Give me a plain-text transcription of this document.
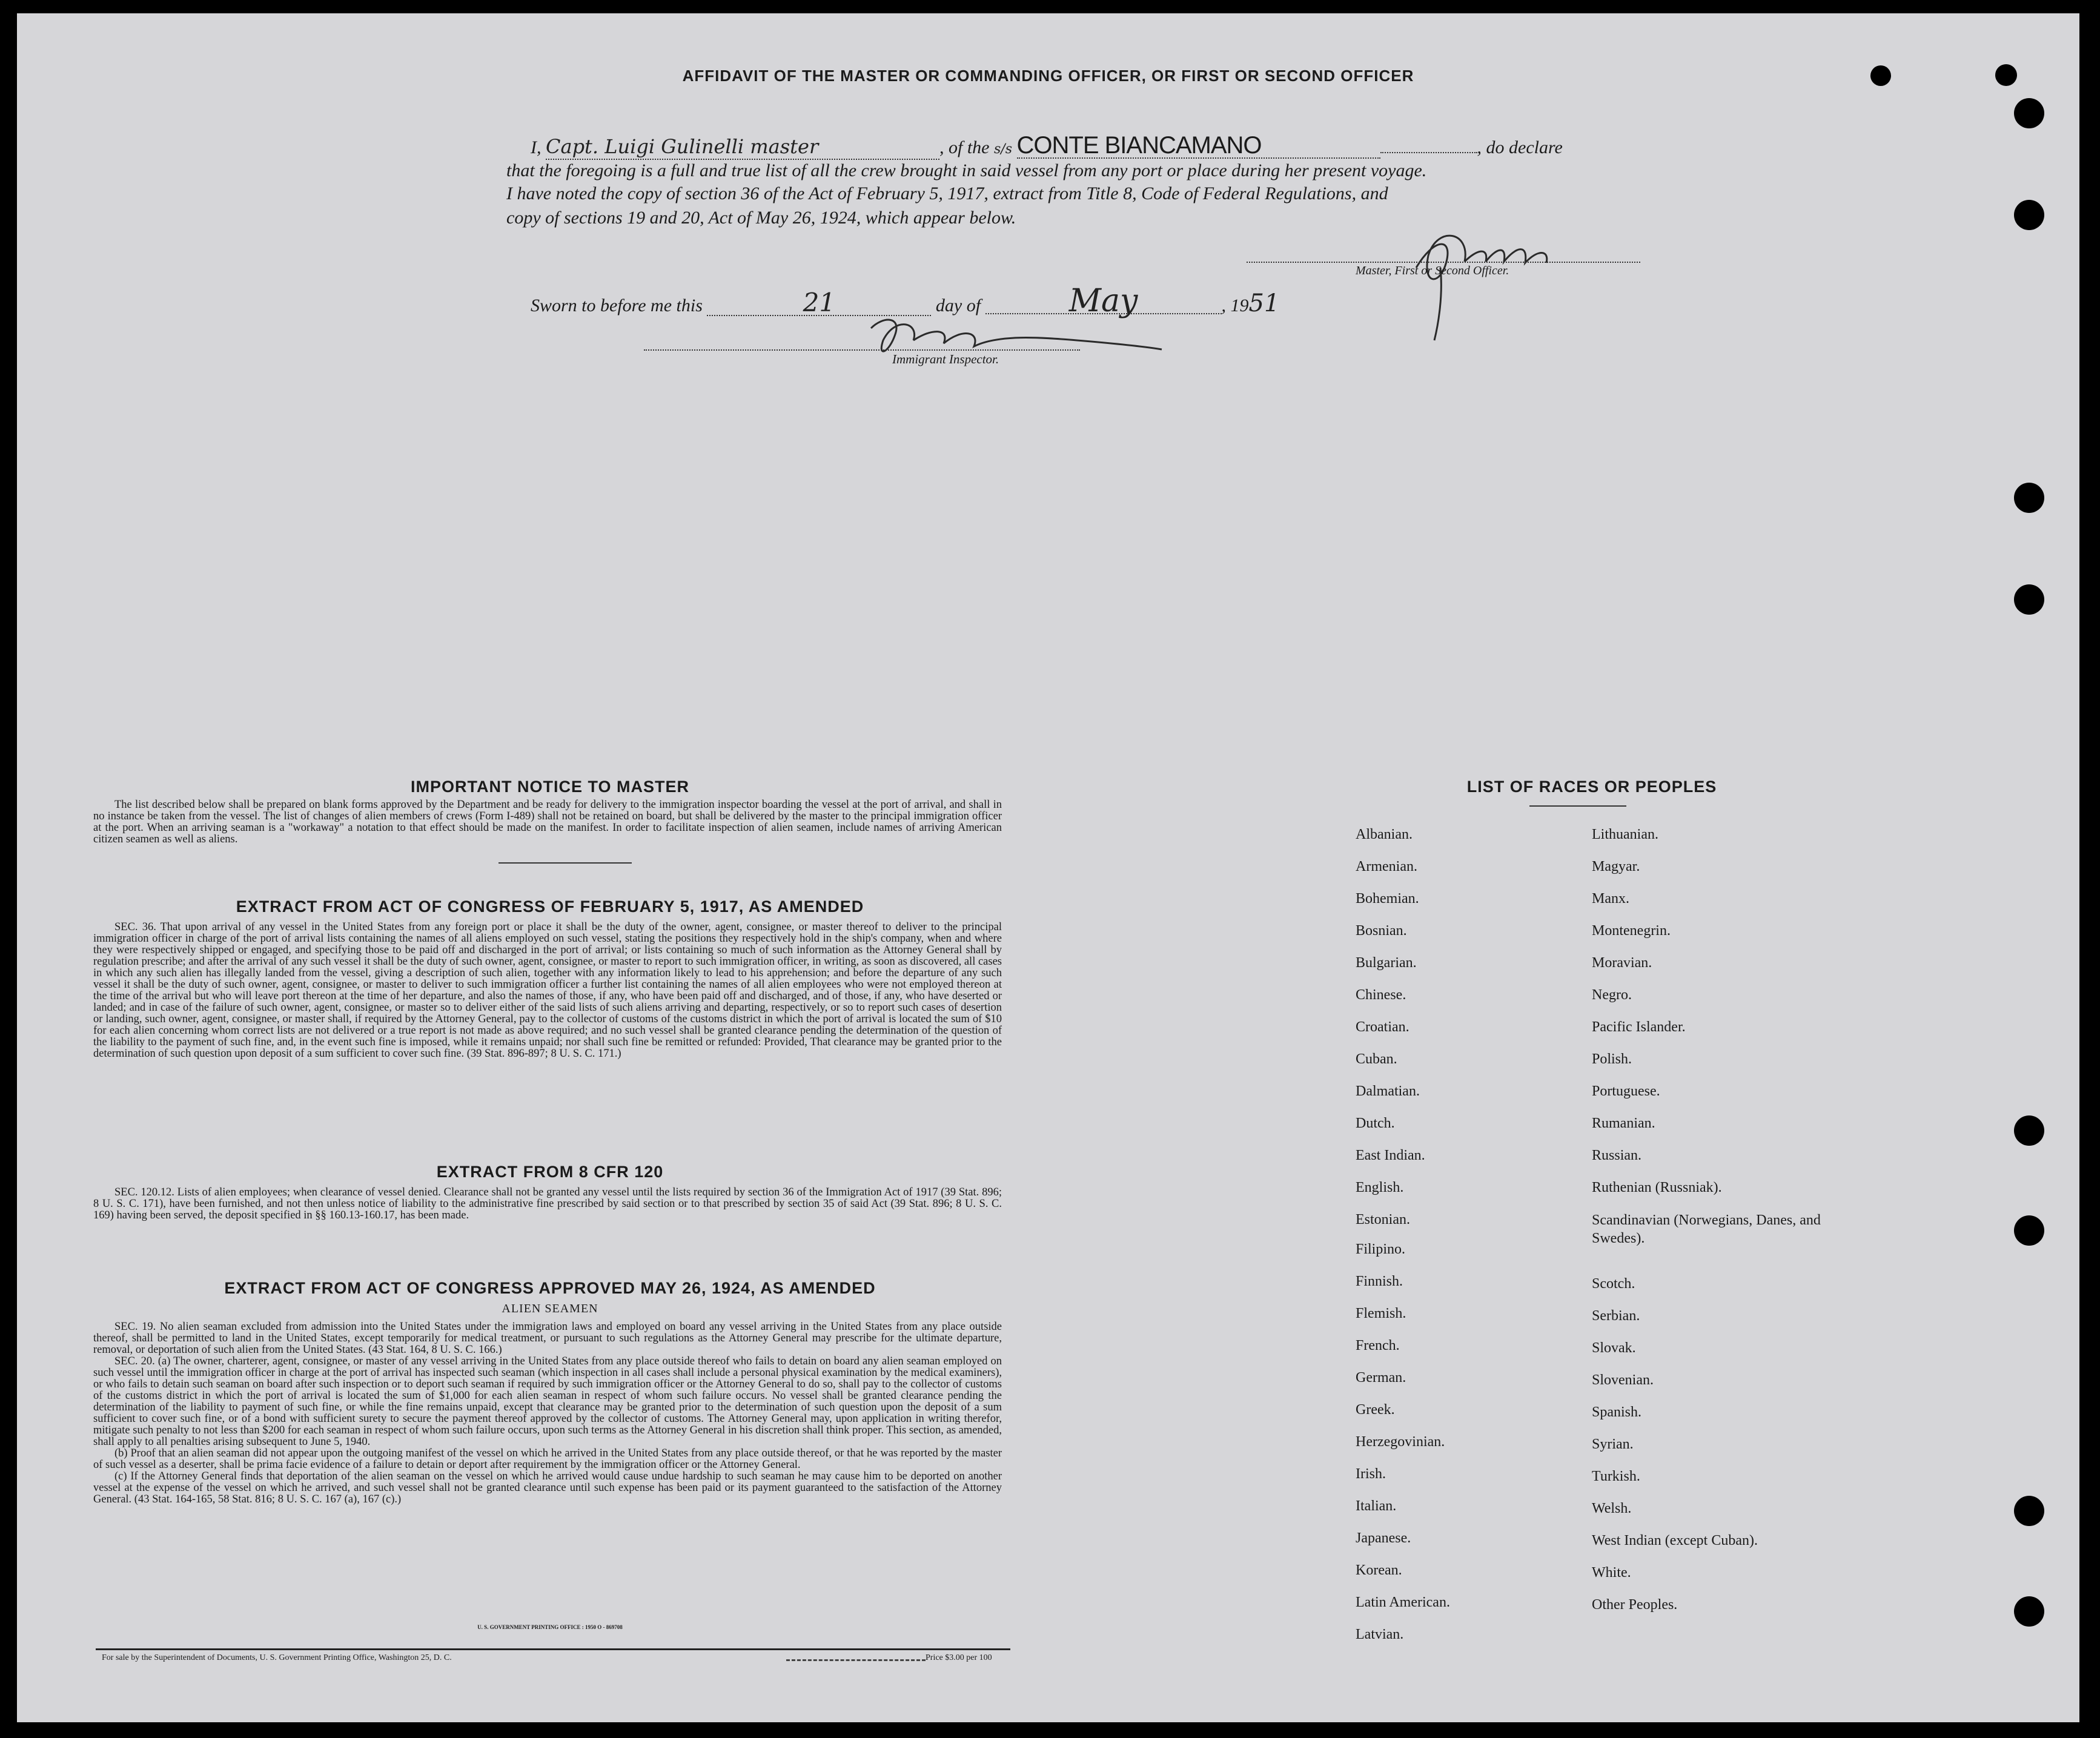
AFFIDAVIT OF THE MASTER OR COMMANDING OFFICER, OR FIRST OR SECOND OFFICER
I, Capt. Luigi Gulinelli master	, of the s/s CONTE BIANCAMANO	, do declare
that the foregoing is a full and true list of all the crew brought in said vessel from any port or place during her present voyage.
I have noted the copy of section 36 of the Act of February 5, 1917, extract from Title 8, Code of Federal Regulations, and
copy of sections 19 and 20, Act of May 26, 1924, which appear below.
Master, First or Second Officer.
Sworn to before me this	21	day of	May	, 1951
Immigrant Inspector.
IMPORTANT NOTICE TO MASTER

The list described below shall be prepared on blank forms approved by the Department and be ready for delivery to the immigration inspector boarding the vessel at the port of arrival, and shall in no instance be taken from the vessel. The list of changes of alien members of crews (Form I-489) shall not be retained on board, but shall be delivered by the master to the principal immigration officer at the port. When an arriving seaman is a "workaway" a notation to that effect should be made on the manifest. In order to facilitate inspection of alien seamen, include names of arriving American citizen seamen as well as aliens.

EXTRACT FROM ACT OF CONGRESS OF FEBRUARY 5, 1917, AS AMENDED

SEC. 36. That upon arrival of any vessel in the United States from any foreign port or place it shall be the duty of the owner, agent, consignee, or master thereof to deliver to the principal immigration officer in charge of the port of arrival lists containing the names of all aliens employed on such vessel, stating the positions they respectively hold in the ship's company, when and where they were respectively shipped or engaged, and specifying those to be paid off and discharged in the port of arrival; or lists containing so much of such information as the Attorney General shall by regulation prescribe; and after the arrival of any such vessel it shall be the duty of such owner, agent, consignee, or master to report to such immigration officer, in writing, as soon as discovered, all cases in which any such alien has illegally landed from the vessel, giving a description of such alien, together with any information likely to lead to his apprehension; and before the departure of any such vessel it shall be the duty of such owner, agent, consignee, or master to deliver to such immigration officer a further list containing the names of all alien employees who were not employed thereon at the time of the arrival but who will leave port thereon at the time of her departure, and also the names of those, if any, who have been paid off and discharged, and of those, if any, who have deserted or landed; and in case of the failure of such owner, agent, consignee, or master so to deliver either of the said lists of such aliens arriving and departing, respectively, or so to report such cases of desertion or landing, such owner, agent, consignee, or master shall, if required by the Attorney General, pay to the collector of customs of the customs district in which the port of arrival is located the sum of $10 for each alien concerning whom correct lists are not delivered or a true report is not made as above required; and no such vessel shall be granted clearance pending the determination of the question of the liability to the payment of such fine, and, in the event such fine is imposed, while it remains unpaid; nor shall such fine be remitted or refunded: Provided, That clearance may be granted prior to the determination of such question upon deposit of a sum sufficient to cover such fine. (39 Stat. 896-897; 8 U. S. C. 171.)

EXTRACT FROM 8 CFR 120

SEC. 120.12. Lists of alien employees; when clearance of vessel denied. Clearance shall not be granted any vessel until the lists required by section 36 of the Immigration Act of 1917 (39 Stat. 896; 8 U. S. C. 171), have been furnished, and not then unless notice of liability to the administrative fine prescribed by said section or to that prescribed by section 35 of said Act (39 Stat. 896; 8 U. S. C. 169) having been served, the deposit specified in §§ 160.13-160.17, has been made.

EXTRACT FROM ACT OF CONGRESS APPROVED MAY 26, 1924, AS AMENDED
ALIEN SEAMEN

SEC. 19. No alien seaman excluded from admission into the United States under the immigration laws and employed on board any vessel arriving in the United States from any place outside thereof, shall be permitted to land in the United States, except temporarily for medical treatment, or pursuant to such regulations as the Attorney General may prescribe for the ultimate departure, removal, or deportation of such alien from the United States. (43 Stat. 164, 8 U. S. C. 166.)

SEC. 20. (a) The owner, charterer, agent, consignee, or master of any vessel arriving in the United States from any place outside thereof who fails to detain on board any alien seaman employed on such vessel until the immigration officer in charge at the port of arrival has inspected such seaman (which inspection in all cases shall include a personal physical examination by the medical examiners), or who fails to detain such seaman on board after such inspection or to deport such seaman if required by such immigration officer or the Attorney General to do so, shall pay to the collector of customs of the customs district in which the port of arrival is located the sum of $1,000 for each alien seaman in respect of whom such failure occurs. No vessel shall be granted clearance pending the determination of the liability to payment of such fine, or while the fine remains unpaid, except that clearance may be granted prior to the determination of such question upon the deposit of a sum sufficient to cover such fine, or of a bond with sufficient surety to secure the payment thereof approved by the collector of customs. The Attorney General may, upon application in writing therefor, mitigate such penalty to not less than $200 for each seaman in respect of whom such failure occurs, upon such terms as the Attorney General in his discretion shall think proper. This section, as amended, shall apply to all penalties arising subsequent to June 5, 1940.

(b) Proof that an alien seaman did not appear upon the outgoing manifest of the vessel on which he arrived in the United States from any place outside thereof, or that he was reported by the master of such vessel as a deserter, shall be prima facie evidence of a failure to detain or deport after requirement by the immigration officer or the Attorney General.

(c) If the Attorney General finds that deportation of the alien seaman on the vessel on which he arrived would cause undue hardship to such seaman he may cause him to be deported on another vessel at the expense of the vessel on which he arrived, and such vessel shall not be granted clearance until such expense has been paid or its payment guaranteed to the satisfaction of the Attorney General. (43 Stat. 164-165, 58 Stat. 816; 8 U. S. C. 167 (a), 167 (c).)

U. S. GOVERNMENT PRINTING OFFICE : 1950 O - 869708
For sale by the Superintendent of Documents, U. S. Government Printing Office, Washington 25, D. C.	Price $3.00 per 100
LIST OF RACES OR PEOPLES
Albanian.
Armenian.
Bohemian.
Bosnian.
Bulgarian.
Chinese.
Croatian.
Cuban.
Dalmatian.
Dutch.
East Indian.
English.
Estonian.
Filipino.
Finnish.
Flemish.
French.
German.
Greek.
Herzegovinian.
Irish.
Italian.
Japanese.
Korean.
Latin American.
Latvian.
Lithuanian.
Magyar.
Manx.
Montenegrin.
Moravian.
Negro.
Pacific Islander.
Polish.
Portuguese.
Rumanian.
Russian.
Ruthenian (Russniak).
Scandinavian (Norwegians, Danes, and Swedes).
Scotch.
Serbian.
Slovak.
Slovenian.
Spanish.
Syrian.
Turkish.
Welsh.
West Indian (except Cuban).
White.
Other Peoples.
